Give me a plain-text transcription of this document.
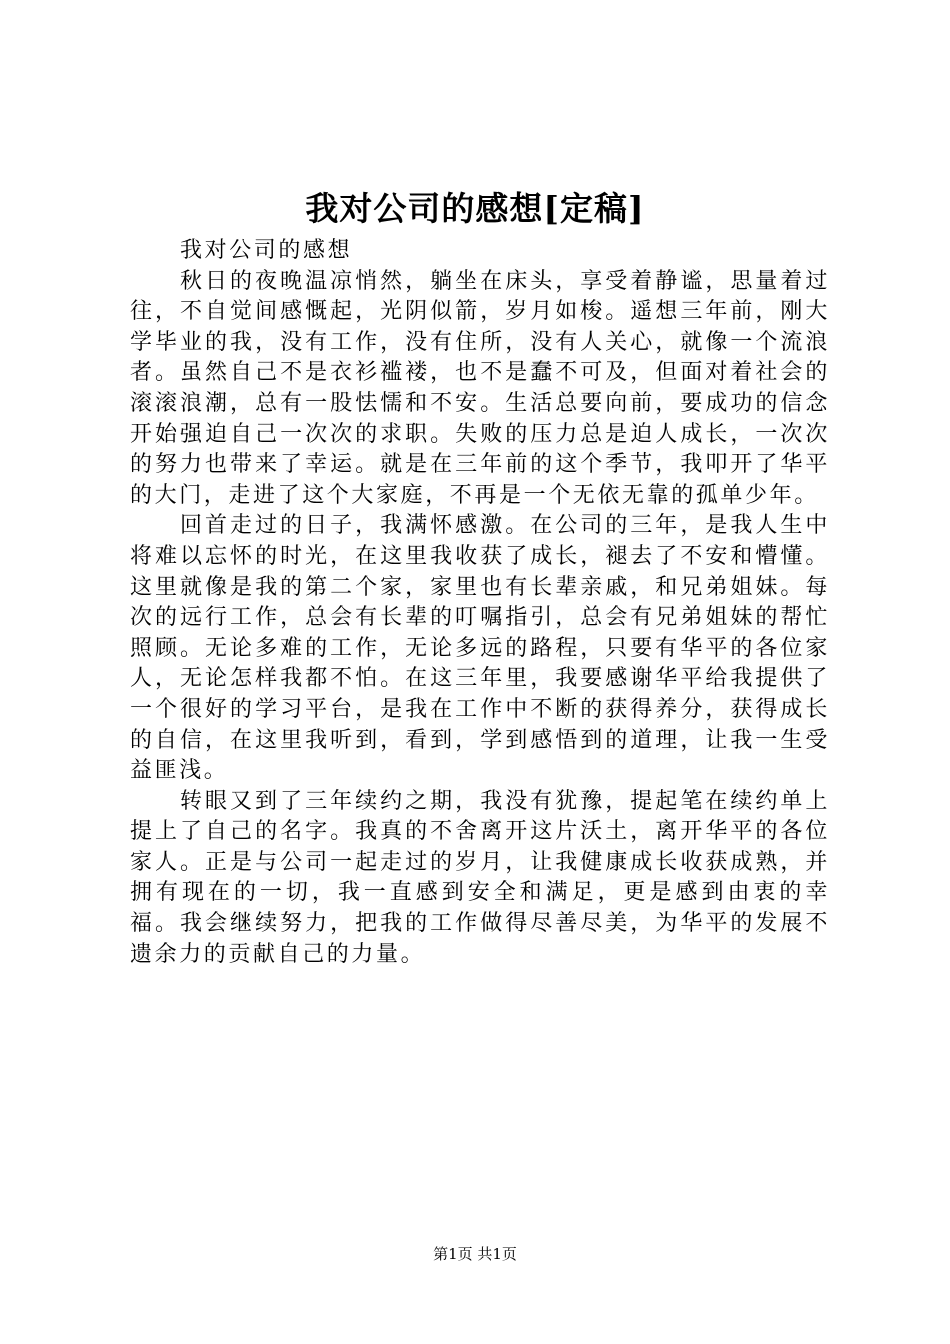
我对公司的感想[定稿]

我对公司的感想

秋日的夜晚温凉悄然，躺坐在床头，享受着静谧，思量着过往，不自觉间感慨起，光阴似箭，岁月如梭。遥想三年前，刚大学毕业的我，没有工作，没有住所，没有人关心，就像一个流浪者。虽然自己不是衣衫褴褛，也不是蠢不可及，但面对着社会的滚滚浪潮，总有一股怯懦和不安。生活总要向前，要成功的信念开始强迫自己一次次的求职。失败的压力总是迫人成长，一次次的努力也带来了幸运。就是在三年前的这个季节，我叩开了华平的大门，走进了这个大家庭，不再是一个无依无靠的孤单少年。

回首走过的日子，我满怀感激。在公司的三年，是我人生中将难以忘怀的时光，在这里我收获了成长，褪去了不安和懵懂。这里就像是我的第二个家，家里也有长辈亲戚，和兄弟姐妹。每次的远行工作，总会有长辈的叮嘱指引，总会有兄弟姐妹的帮忙照顾。无论多难的工作，无论多远的路程，只要有华平的各位家人，无论怎样我都不怕。在这三年里，我要感谢华平给我提供了一个很好的学习平台，是我在工作中不断的获得养分，获得成长的自信，在这里我听到，看到，学到感悟到的道理，让我一生受益匪浅。

转眼又到了三年续约之期，我没有犹豫，提起笔在续约单上提上了自己的名字。我真的不舍离开这片沃土，离开华平的各位家人。正是与公司一起走过的岁月，让我健康成长收获成熟，并拥有现在的一切，我一直感到安全和满足，更是感到由衷的幸福。我会继续努力，把我的工作做得尽善尽美，为华平的发展不遗余力的贡献自己的力量。

第1页 共1页
